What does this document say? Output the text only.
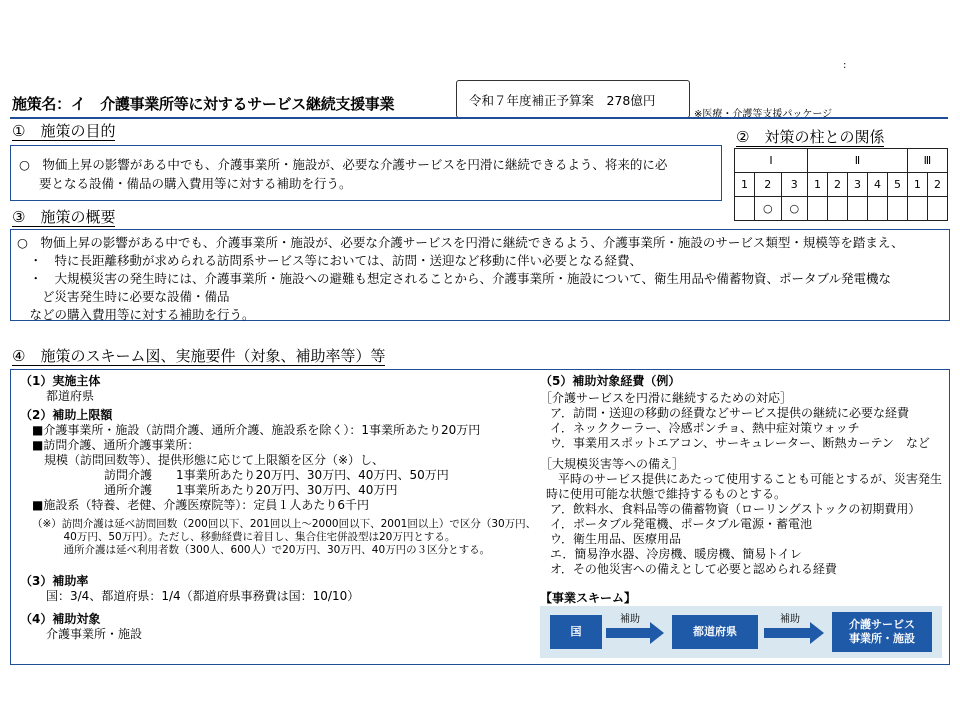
:
施策名：イ　介護事業所等に対するサービス継続支援事業	令和７年度補正予算案　278億円
※医療・介護等支援パッケージ
①　施策の目的
○　物価上昇の影響がある中でも、介護事業所・施設が、必要な介護サービスを円滑に継続できるよう、将来的に必
要となる設備・備品の購入費用等に対する補助を行う。
②　対策の柱との関係
Ⅰ			Ⅱ					Ⅲ	
1	2	3	1	2	3	4	5	1	2
	○	○							
③　施策の概要
○　物価上昇の影響がある中でも、介護事業所・施設が、必要な介護サービスを円滑に継続できるよう、介護事業所・施設のサービス類型・規模等を踏まえ、
　・　特に長距離移動が求められる訪問系サービス等においては、訪問・送迎など移動に伴い必要となる経費、
　・　大規模災害の発生時には、介護事業所・施設への避難も想定されることから、介護事業所・施設について、衛生用品や備蓄物資、ポータブル発電機な
　　ど災害発生時に必要な設備・備品
　などの購入費用等に対する補助を行う。
④　施策のスキーム図、実施要件（対象、補助率等）等
（1）実施主体
都道府県
（2）補助上限額
■介護事業所・施設（訪問介護、通所介護、施設系を除く）：1事業所あたり20万円
■訪問介護、通所介護事業所：
　規模（訪問回数等）、提供形態に応じて上限額を区分（※）し、
　　　　　　訪問介護　　1事業所あたり20万円、30万円、40万円、50万円
　　　　　　通所介護　　1事業所あたり20万円、30万円、40万円
■施設系（特養、老健、介護医療院等）：定員１人あたり6千円
（※）訪問介護は延べ訪問回数（200回以下、201回以上～2000回以下、2001回以上）で区分（30万円、
　　　40万円、50万円）。ただし、移動経費に着目し、集合住宅併設型は20万円とする。
　　　通所介護は延べ利用者数（300人、600人）で20万円、30万円、40万円の３区分とする。
（3）補助率
国：3/4、都道府県：1/4（都道府県事務費は国：10/10）
（4）補助対象
介護事業所・施設
（5）補助対象経費（例）
［介護サービスを円滑に継続するための対応］
ア．訪問・送迎の移動の経費などサービス提供の継続に必要な経費
イ．ネッククーラー、冷感ポンチョ、熱中症対策ウォッチ
ウ．事業用スポットエアコン、サーキュレーター、断熱カーテン　など
［大規模災害等への備え］
　平時のサービス提供にあたって使用することも可能とするが、災害発生
時に使用可能な状態で維持するものとする。
ア．飲料水、食料品等の備蓄物資（ローリングストックの初期費用）
イ．ポータブル発電機、ポータブル電源・蓄電池
ウ．衛生用品、医療用品
エ．簡易浄水器、冷房機、暖房機、簡易トイレ
オ．その他災害への備えとして必要と認められる経費
【事業スキーム】
国
補助
都道府県
補助	介護サービス
事業所・施設
